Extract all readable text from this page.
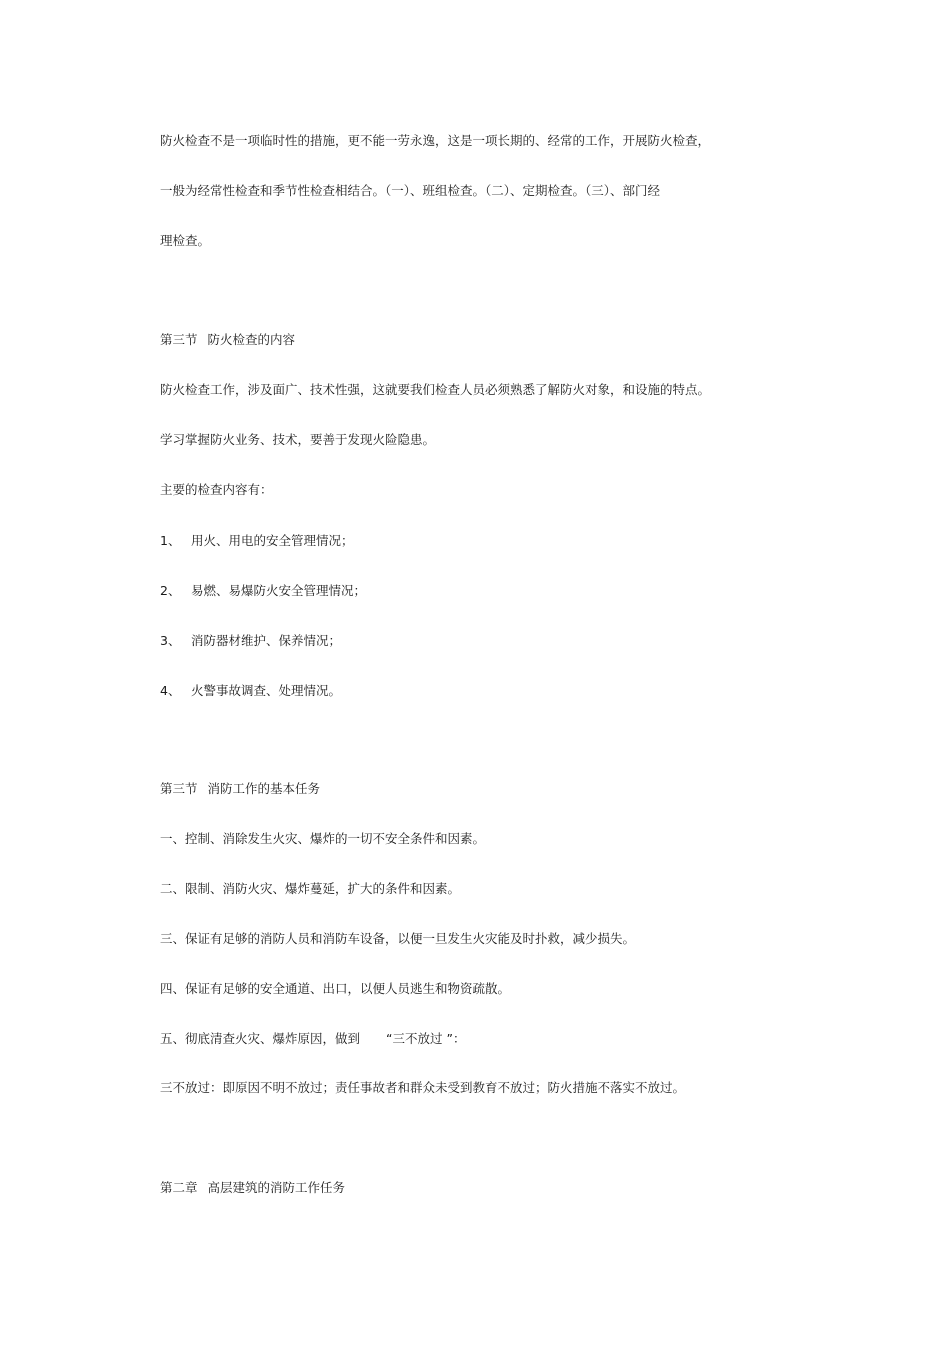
防火检查不是一项临时性的措施，更不能一劳永逸，这是一项长期的、经常的工作，开展防火检查，
一般为经常性检查和季节性检查相结合。（一）、班组检查。（二）、定期检查。（三）、部门经
理检查。
第三节 防火检查的内容
防火检查工作，涉及面广、技术性强，这就要我们检查人员必须熟悉了解防火对象，和设施的特点。
学习掌握防火业务、技术，要善于发现火险隐患。
主要的检查内容有：
1、 用火、用电的安全管理情况；
2、 易燃、易爆防火安全管理情况；
3、 消防器材维护、保养情况；
4、 火警事故调查、处理情况。
第三节 消防工作的基本任务
一、控制、消除发生火灾、爆炸的一切不安全条件和因素。
二、限制、消防火灾、爆炸蔓延，扩大的条件和因素。
三、保证有足够的消防人员和消防车设备，以便一旦发生火灾能及时扑救，减少损失。
四、保证有足够的安全通道、出口，以便人员逃生和物资疏散。
五、彻底清查火灾、爆炸原因，做到 “三不放过 ”：
三不放过：即原因不明不放过；责任事故者和群众未受到教育不放过；防火措施不落实不放过。
第二章 高层建筑的消防工作任务
